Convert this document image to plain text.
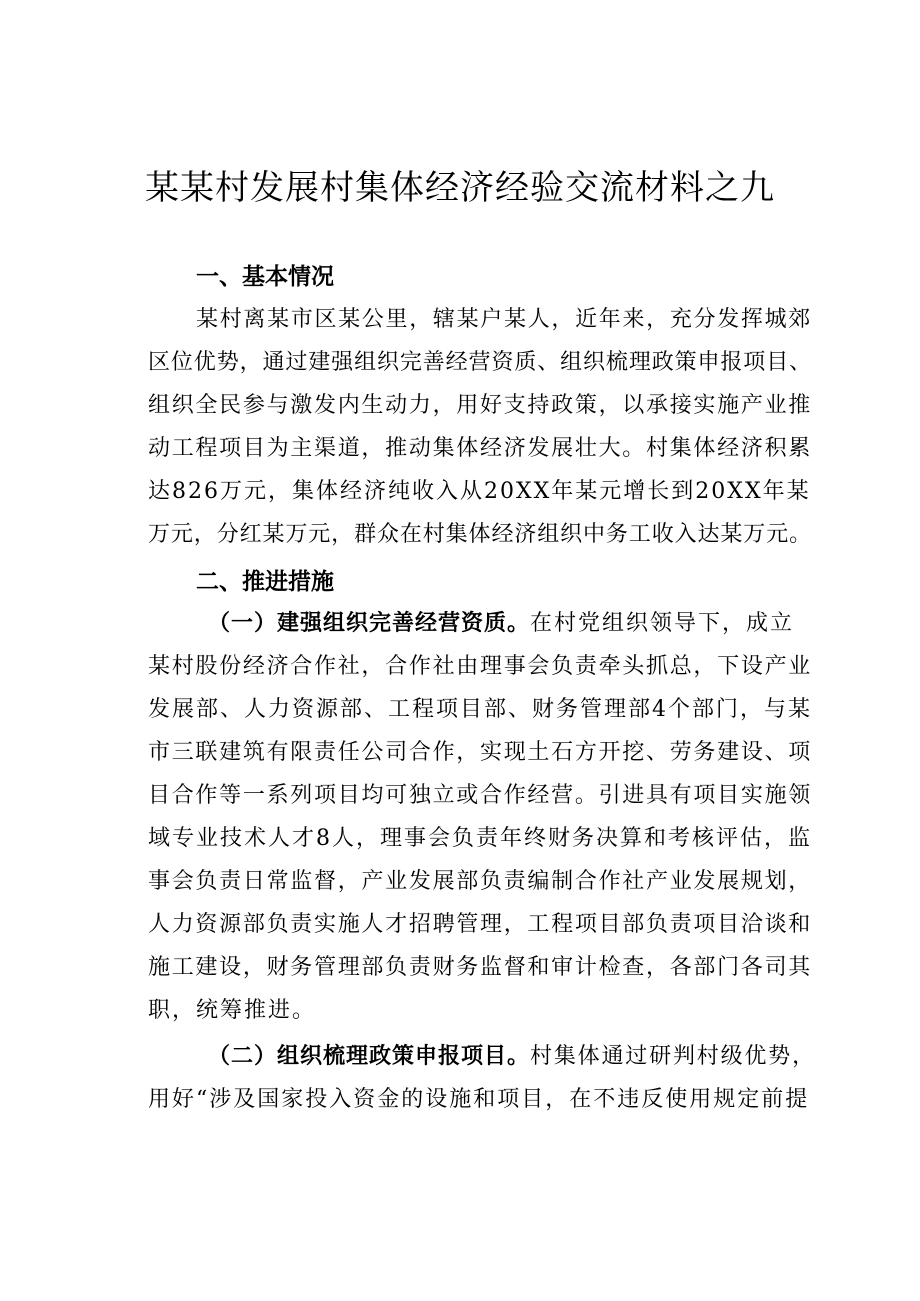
某某村发展村集体经济经验交流材料之九
一、基本情况
某村离某市区某公里，辖某户某人，近年来，充分发挥城郊
区位优势，通过建强组织完善经营资质、组织梳理政策申报项目、
组织全民参与激发内生动力，用好支持政策，以承接实施产业推
动工程项目为主渠道，推动集体经济发展壮大。村集体经济积累
达826万元，集体经济纯收入从20XX年某元增长到20XX年某
万元，分红某万元，群众在村集体经济组织中务工收入达某万元。
二、推进措施
（一）建强组织完善经营资质。在村党组织领导下，成立
某村股份经济合作社，合作社由理事会负责牵头抓总，下设产业
发展部、人力资源部、工程项目部、财务管理部4个部门，与某
市三联建筑有限责任公司合作，实现土石方开挖、劳务建设、项
目合作等一系列项目均可独立或合作经营。引进具有项目实施领
域专业技术人才8人，理事会负责年终财务决算和考核评估，监
事会负责日常监督，产业发展部负责编制合作社产业发展规划，
人力资源部负责实施人才招聘管理，工程项目部负责项目洽谈和
施工建设，财务管理部负责财务监督和审计检查，各部门各司其
职，统筹推进。
（二）组织梳理政策申报项目。村集体通过研判村级优势，
用好“涉及国家投入资金的设施和项目，在不违反使用规定前提
